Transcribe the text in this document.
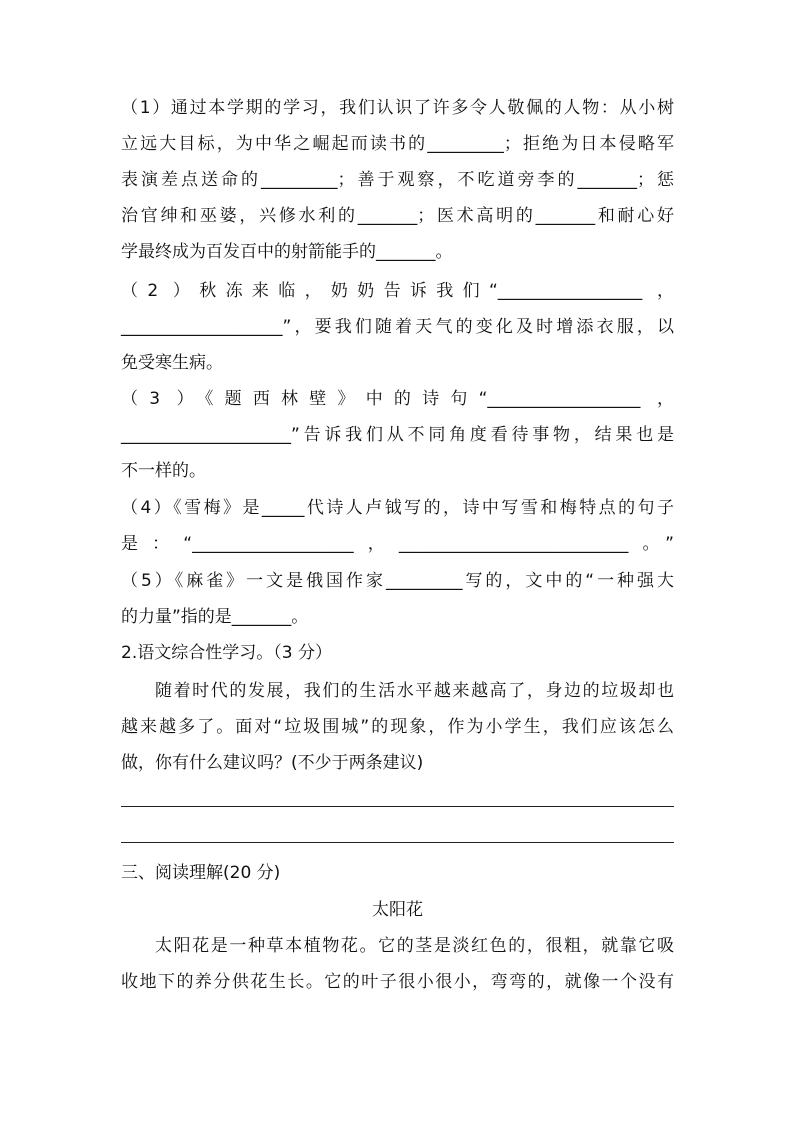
（1）通过本学期的学习，我们认识了许多令人敬佩的人物：从小树
立远大目标，为中华之崛起而读书的_________；拒绝为日本侵略军
表演差点送命的_________；善于观察，不吃道旁李的_______；惩
治官绅和巫婆，兴修水利的_______；医术高明的_______和耐心好
学最终成为百发百中的射箭能手的_______。
（2 ）秋冻来临，奶奶告诉我们“_________________ ，
___________________”，要我们随着天气的变化及时增添衣服，以
免受寒生病。
（3 ）《题西林壁》中的诗句“__________________ ，
____________________”告诉我们从不同角度看待事物，结果也是
不一样的。
（4）《雪梅》是_____代诗人卢钺写的，诗中写雪和梅特点的句子
是：“___________________，___________________________。”
（5）《麻雀》一文是俄国作家_________写的，文中的“一种强大
的力量”指的是_______。
2.语文综合性学习。（3 分）
随着时代的发展，我们的生活水平越来越高了，身边的垃圾却也
越来越多了。面对“垃圾围城”的现象，作为小学生，我们应该怎么
做，你有什么建议吗？(不少于两条建议)
三、阅读理解(20 分)
太阳花
太阳花是一种草本植物花。它的茎是淡红色的，很粗，就靠它吸
收地下的养分供花生长。它的叶子很小很小，弯弯的，就像一个没有
